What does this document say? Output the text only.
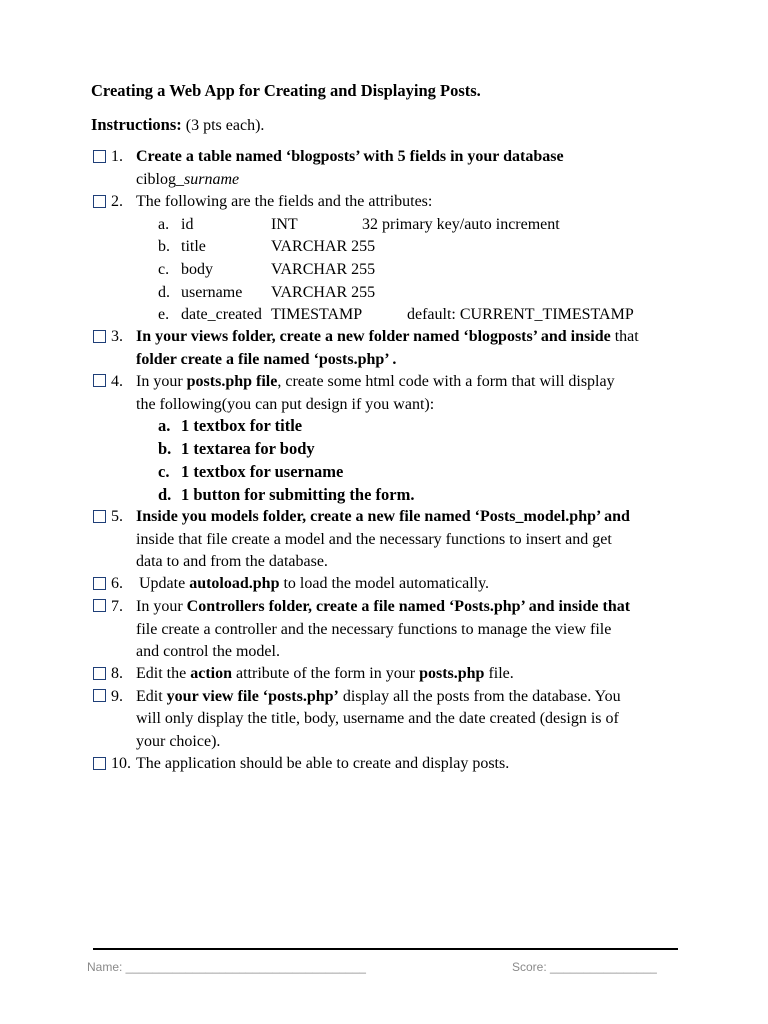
Creating a Web App for Creating and Displaying Posts.
Instructions: (3 pts each).
1. Create a table named ‘blogposts’ with 5 fields in your database
ciblog_surname
2. The following are the fields and the attributes:
a. id	INT	32 primary key/auto increment
b. title	VARCHAR 255
c. body	VARCHAR 255
d. username VARCHAR 255
e. date_created TIMESTAMP	default: CURRENT_TIMESTAMP
3. In your views folder, create a new folder named ‘blogposts’ and inside that
folder create a file named ‘posts.php’ .
4. In your posts.php file, create some html code with a form that will display
the following(you can put design if you want):
a. 1 textbox for title
b. 1 textarea for body
c. 1 textbox for username
d. 1 button for submitting the form.
5. Inside you models folder, create a new file named ‘Posts_model.php’ and
inside that file create a model and the necessary functions to insert and get
data to and from the database.
6. Update autoload.php to load the model automatically.
7. In your Controllers folder, create a file named ‘Posts.php’ and inside that
file create a controller and the necessary functions to manage the view file
and control the model.
8. Edit the action attribute of the form in your posts.php file.
9. Edit your view file ‘posts.php’ display all the posts from the database. You
will only display the title, body, username and the date created (design is of
your choice).
10. The application should be able to create and display posts.
Name: ____________________________________	Score: ________________
